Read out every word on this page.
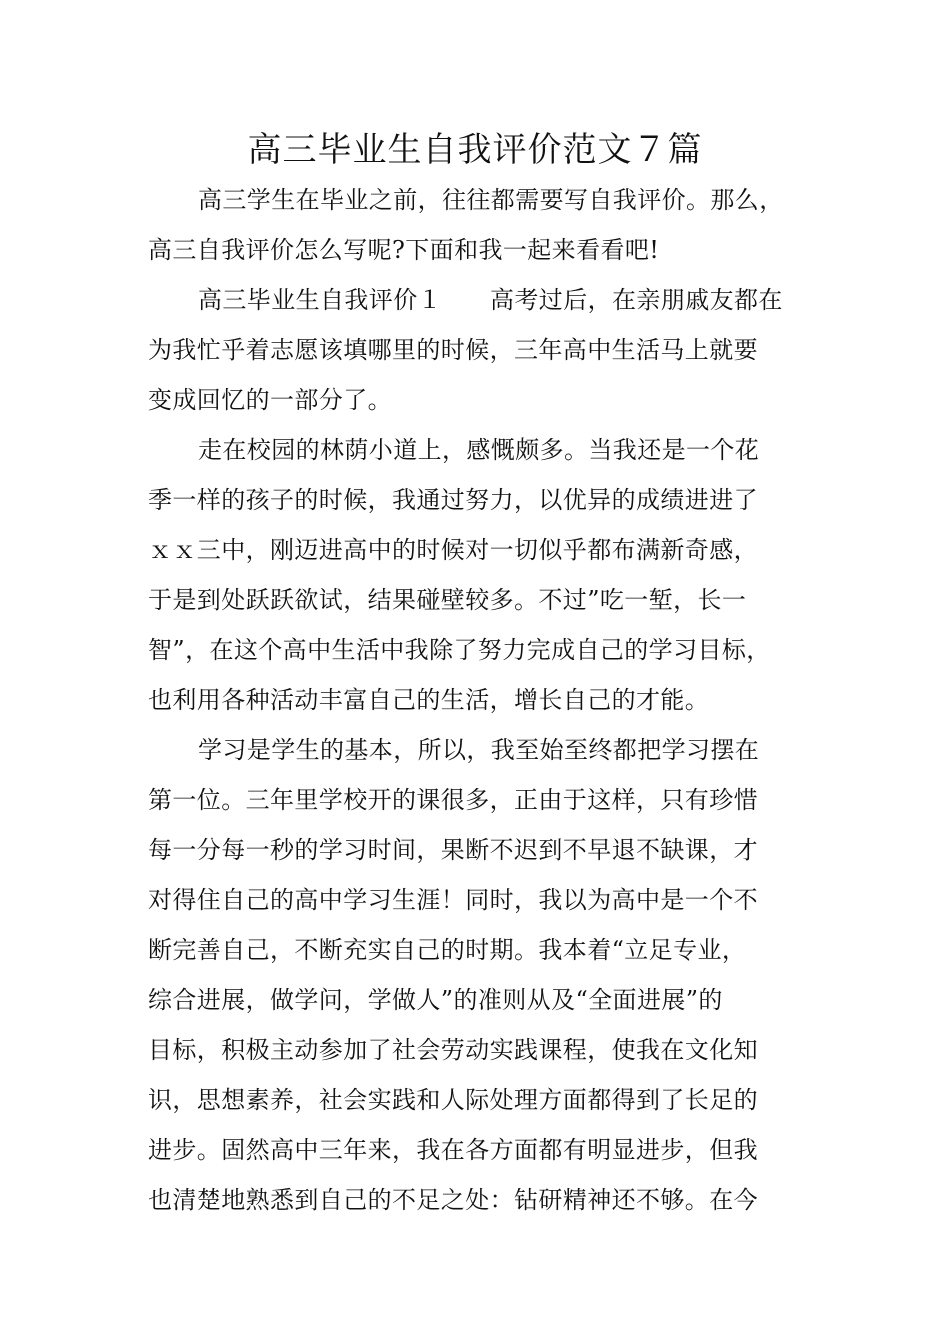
高三毕业生自我评价范文７篇
高三学生在毕业之前，往往都需要写自我评价。那么，
高三自我评价怎么写呢?下面和我一起来看看吧!
高三毕业生自我评价１ 高考过后，在亲朋戚友都在
为我忙乎着志愿该填哪里的时候，三年高中生活马上就要
变成回忆的一部分了。
走在校园的林荫小道上，感慨颇多。当我还是一个花
季一样的孩子的时候，我通过努力，以优异的成绩进进了
ｘｘ三中，刚迈进高中的时候对一切似乎都布满新奇感，
于是到处跃跃欲试，结果碰壁较多。不过”吃一堑，长一
智”，在这个高中生活中我除了努力完成自己的学习目标，
也利用各种活动丰富自己的生活，增长自己的才能。
学习是学生的基本，所以，我至始至终都把学习摆在
第一位。三年里学校开的课很多，正由于这样，只有珍惜
每一分每一秒的学习时间，果断不迟到不早退不缺课，才
对得住自己的高中学习生涯！同时，我以为高中是一个不
断完善自己，不断充实自己的时期。我本着“立足专业，
综合进展，做学问，学做人”的准则从及“全面进展”的
目标，积极主动参加了社会劳动实践课程，使我在文化知
识，思想素养，社会实践和人际处理方面都得到了长足的
进步。固然高中三年来，我在各方面都有明显进步，但我
也清楚地熟悉到自己的不足之处：钻研精神还不够。在今
